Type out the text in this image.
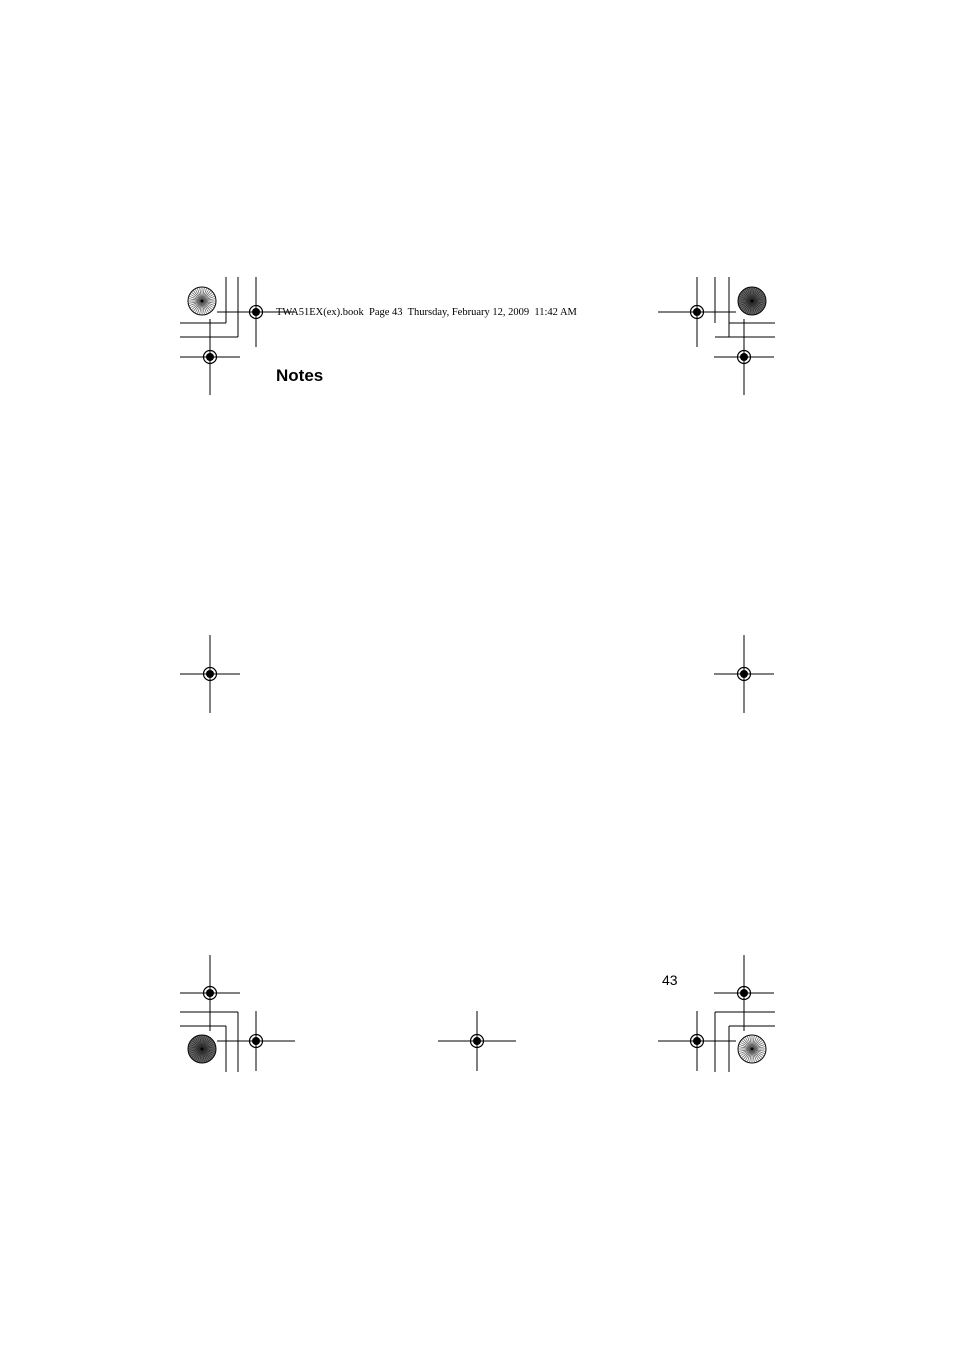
TWA51EX(ex).book  Page 43  Thursday, February 12, 2009  11:42 AM
Notes
43
